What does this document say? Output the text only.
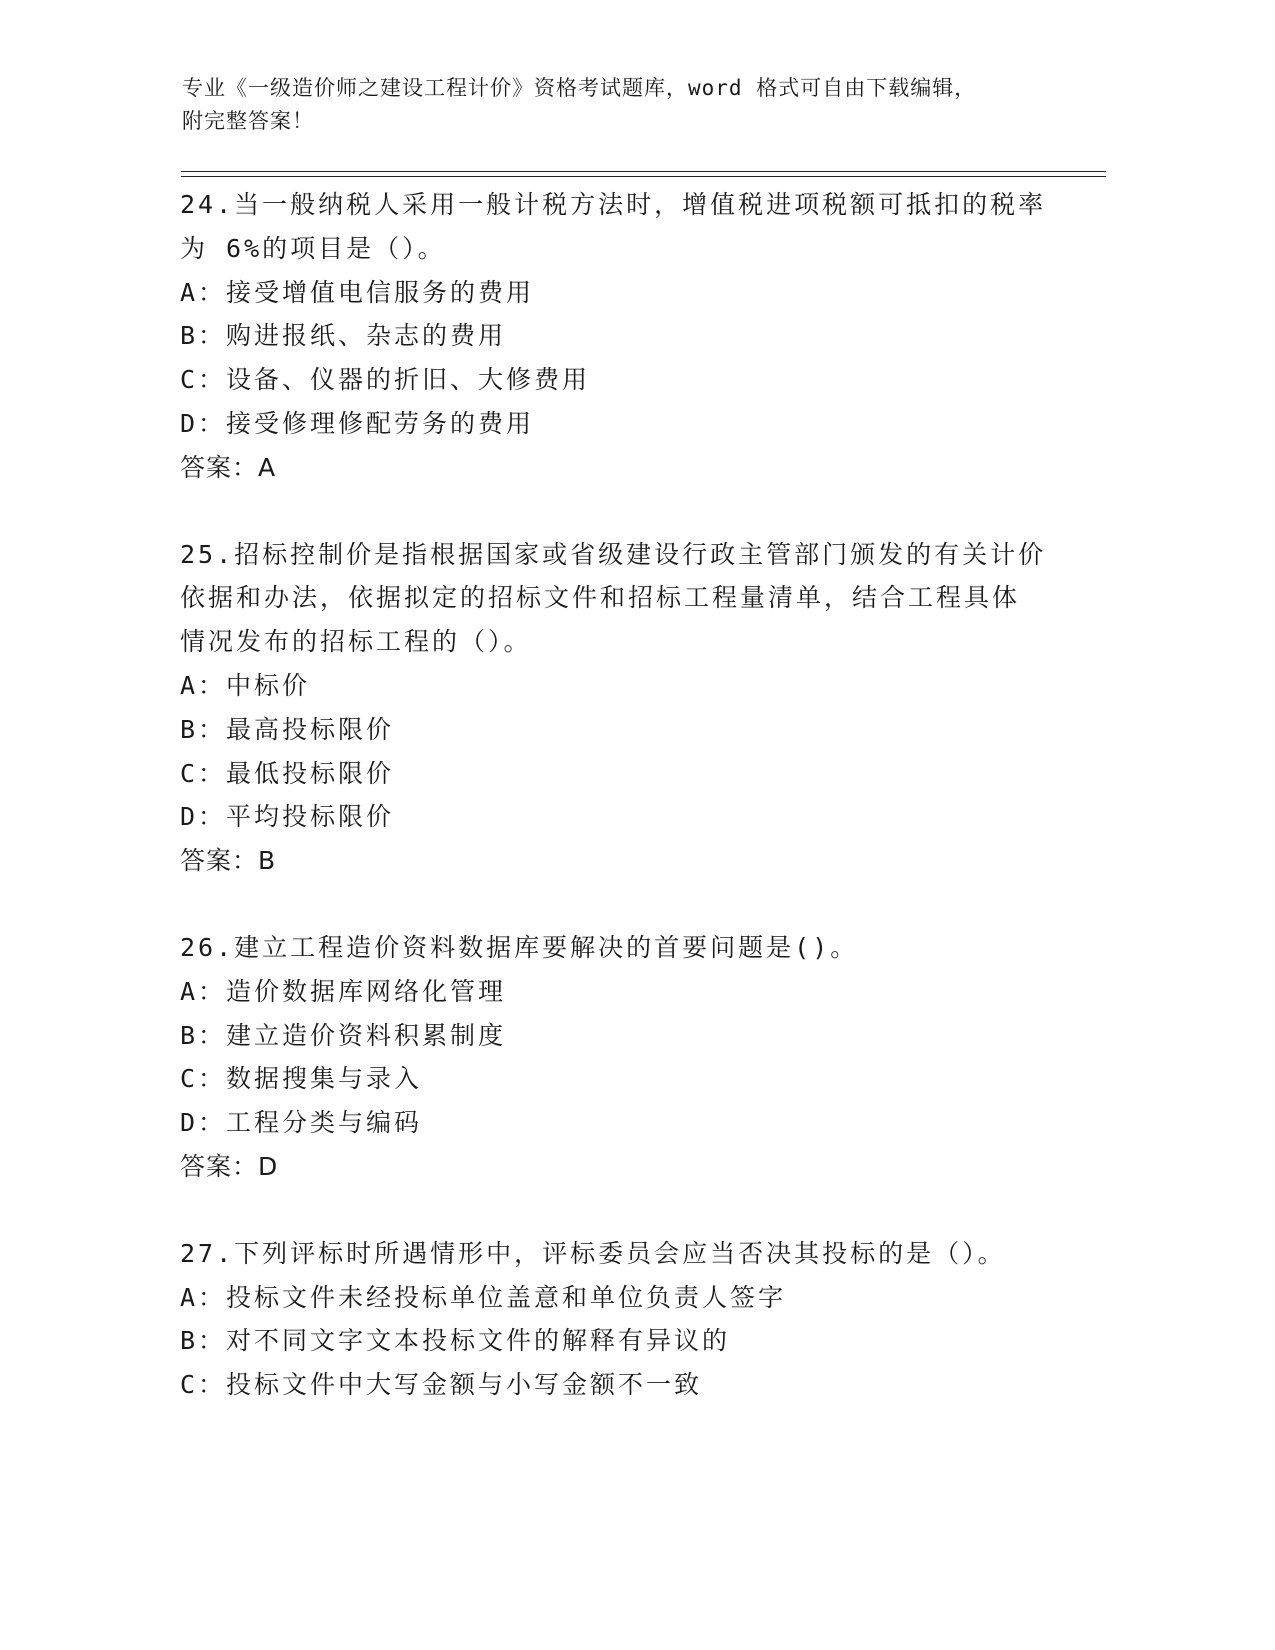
专业《一级造价师之建设工程计价》资格考试题库，word 格式可自由下载编辑，
附完整答案！
24.当一般纳税人采用一般计税方法时，增值税进项税额可抵扣的税率
为 6%的项目是（）。
A：接受增值电信服务的费用
B：购进报纸、杂志的费用
C：设备、仪器的折旧、大修费用
D：接受修理修配劳务的费用
答案：A
25.招标控制价是指根据国家或省级建设行政主管部门颁发的有关计价
依据和办法，依据拟定的招标文件和招标工程量清单，结合工程具体
情况发布的招标工程的（）。
A：中标价
B：最高投标限价
C：最低投标限价
D：平均投标限价
答案：B
26.建立工程造价资料数据库要解决的首要问题是()。
A：造价数据库网络化管理
B：建立造价资料积累制度
C：数据搜集与录入
D：工程分类与编码
答案：D
27.下列评标时所遇情形中，评标委员会应当否决其投标的是（）。
A：投标文件未经投标单位盖意和单位负责人签字
B：对不同文字文本投标文件的解释有异议的
C：投标文件中大写金额与小写金额不一致
